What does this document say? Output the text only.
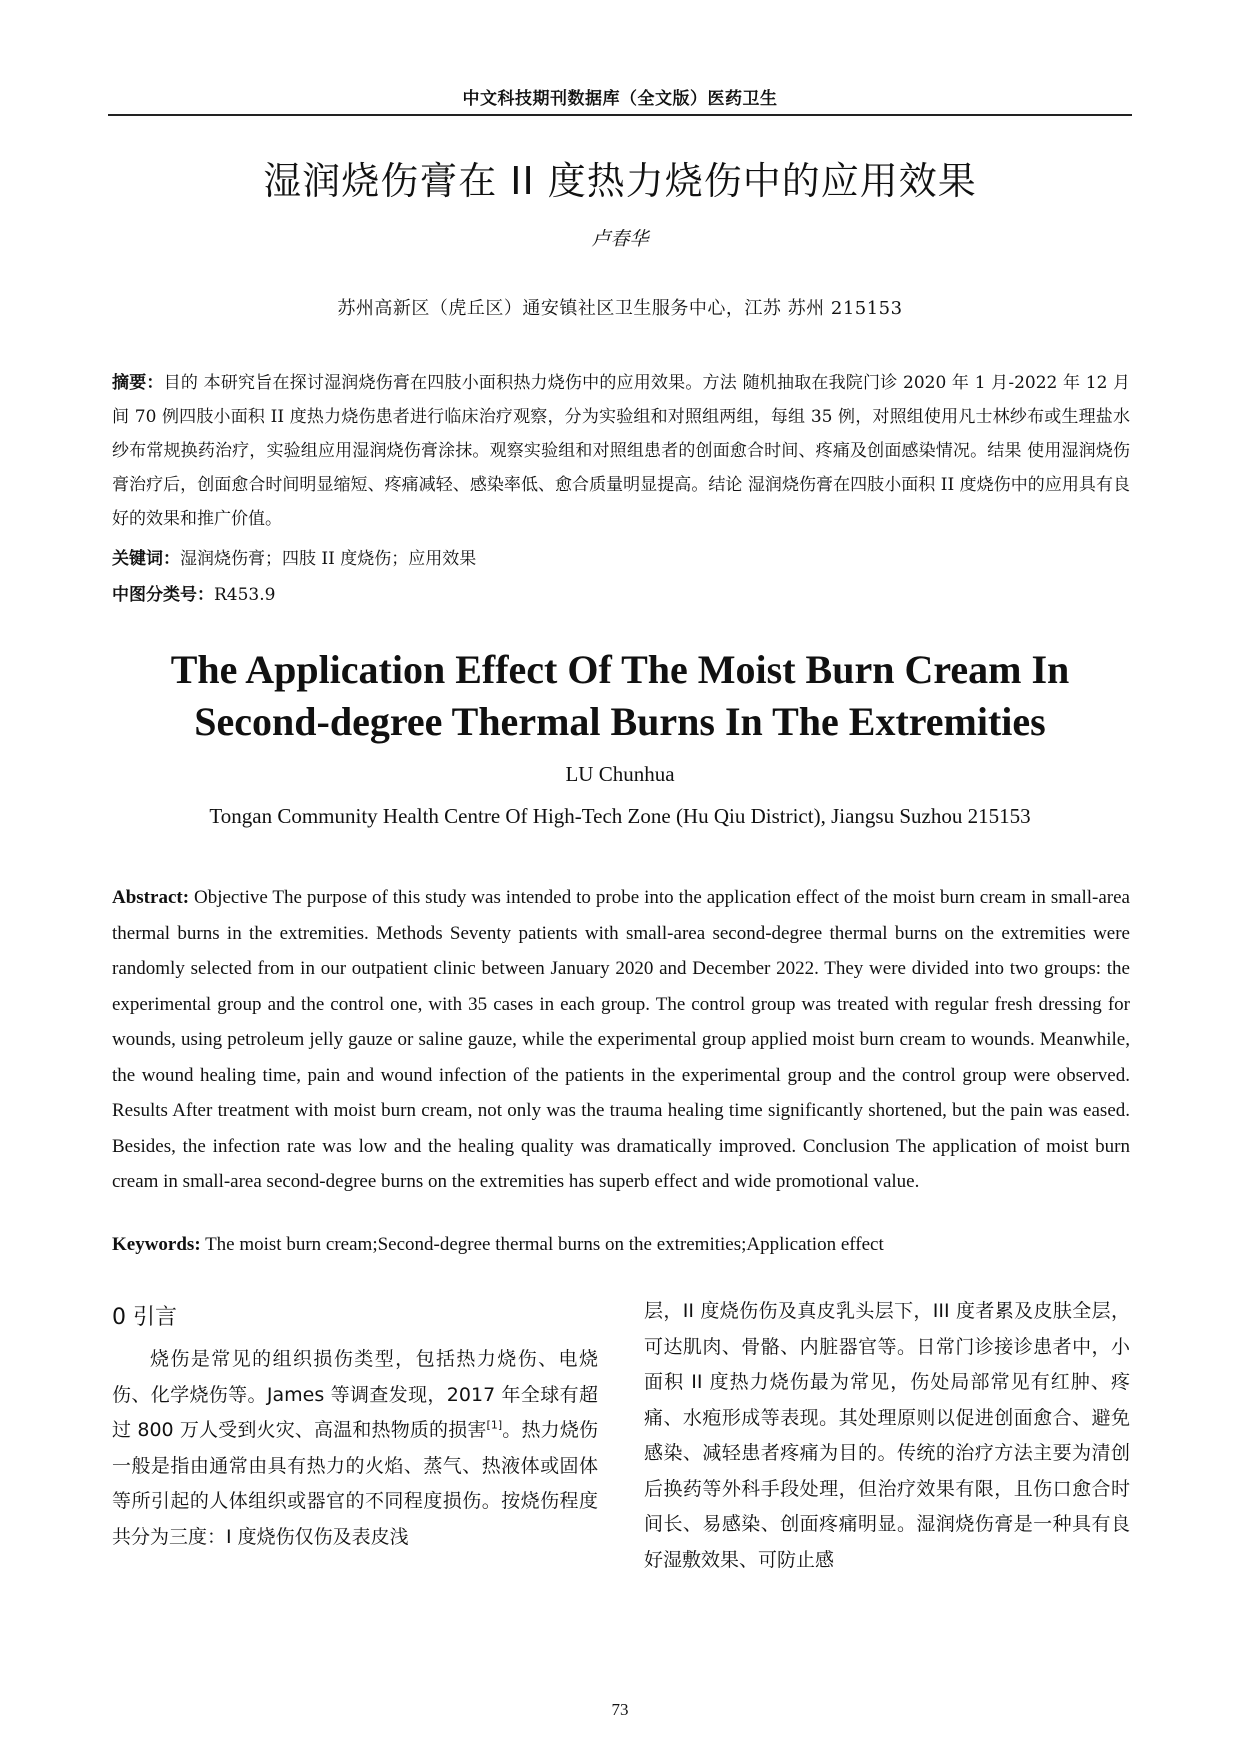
中文科技期刊数据库（全文版）医药卫生
湿润烧伤膏在 II 度热力烧伤中的应用效果
卢春华
苏州高新区（虎丘区）通安镇社区卫生服务中心，江苏 苏州 215153
摘要：目的 本研究旨在探讨湿润烧伤膏在四肢小面积热力烧伤中的应用效果。方法 随机抽取在我院门诊 2020 年 1 月-2022 年 12 月间 70 例四肢小面积 II 度热力烧伤患者进行临床治疗观察，分为实验组和对照组两组，每组 35 例，对照组使用凡士林纱布或生理盐水纱布常规换药治疗，实验组应用湿润烧伤膏涂抹。观察实验组和对照组患者的创面愈合时间、疼痛及创面感染情况。结果 使用湿润烧伤膏治疗后，创面愈合时间明显缩短、疼痛减轻、感染率低、愈合质量明显提高。结论 湿润烧伤膏在四肢小面积 II 度烧伤中的应用具有良好的效果和推广价值。
关键词：湿润烧伤膏；四肢 II 度烧伤；应用效果
中图分类号：R453.9
The Application Effect Of The Moist Burn Cream In
Second-degree Thermal Burns In The Extremities
LU Chunhua
Tongan Community Health Centre Of High-Tech Zone (Hu Qiu District), Jiangsu Suzhou 215153
Abstract: Objective The purpose of this study was intended to probe into the application effect of the moist burn cream in small-area thermal burns in the extremities. Methods Seventy patients with small-area second-degree thermal burns on the extremities were randomly selected from in our outpatient clinic between January 2020 and December 2022. They were divided into two groups: the experimental group and the control one, with 35 cases in each group. The control group was treated with regular fresh dressing for wounds, using petroleum jelly gauze or saline gauze, while the experimental group applied moist burn cream to wounds. Meanwhile, the wound healing time, pain and wound infection of the patients in the experimental group and the control group were observed. Results After treatment with moist burn cream, not only was the trauma healing time significantly shortened, but the pain was eased. Besides, the infection rate was low and the healing quality was dramatically improved. Conclusion The application of moist burn cream in small-area second-degree burns on the extremities has superb effect and wide promotional value.
Keywords: The moist burn cream;Second-degree thermal burns on the extremities;Application effect
0 引言

烧伤是常见的组织损伤类型，包括热力烧伤、电烧伤、化学烧伤等。James 等调查发现，2017 年全球有超过 800 万人受到火灾、高温和热物质的损害[1]。热力烧伤一般是指由通常由具有热力的火焰、蒸气、热液体或固体等所引起的人体组织或器官的不同程度损伤。按烧伤程度共分为三度：I 度烧伤仅伤及表皮浅

层，II 度烧伤伤及真皮乳头层下，III 度者累及皮肤全层，可达肌肉、骨骼、内脏器官等。日常门诊接诊患者中，小面积 II 度热力烧伤最为常见，伤处局部常见有红肿、疼痛、水疱形成等表现。其处理原则以促进创面愈合、避免感染、减轻患者疼痛为目的。传统的治疗方法主要为清创后换药等外科手段处理，但治疗效果有限，且伤口愈合时间长、易感染、创面疼痛明显。湿润烧伤膏是一种具有良好湿敷效果、可防止感

73
